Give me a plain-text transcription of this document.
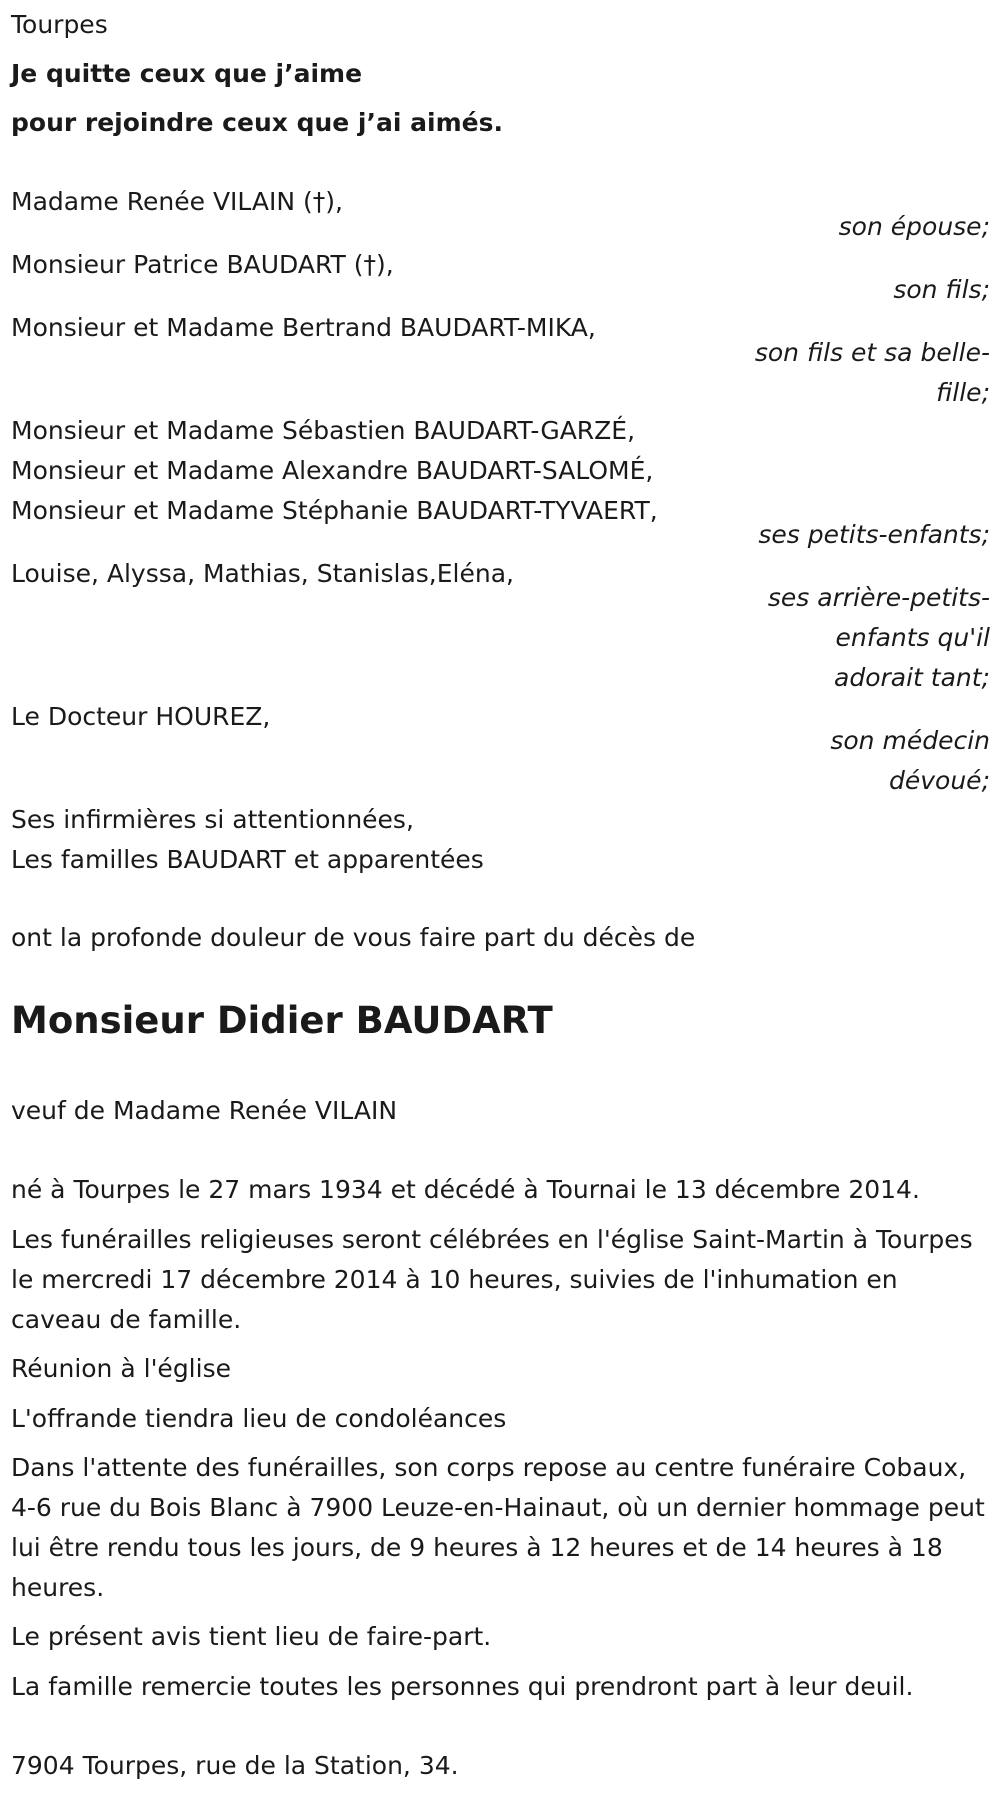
Tourpes
Je quitte ceux que j’aime
pour rejoindre ceux que j’ai aimés.
Madame Renée VILAIN (†),
son épouse;
Monsieur Patrice BAUDART (†),
son fils;
Monsieur et Madame Bertrand BAUDART-MIKA,
son fils et sa belle-fille;
Monsieur et Madame Sébastien BAUDART-GARZÉ,
Monsieur et Madame Alexandre BAUDART-SALOMÉ,
Monsieur et Madame Stéphanie BAUDART-TYVAERT,
ses petits-enfants;
Louise, Alyssa, Mathias, Stanislas,Eléna,
ses arrière-petits-enfants qu'il adorait tant;
Le Docteur HOUREZ,
son médecin dévoué;
Ses infirmières si attentionnées,
Les familles BAUDART et apparentées
ont la profonde douleur de vous faire part du décès de
Monsieur Didier BAUDART
veuf de Madame Renée VILAIN
né à Tourpes le 27 mars 1934 et décédé à Tournai le 13 décembre 2014.
Les funérailles religieuses seront célébrées en l'église Saint-Martin à Tourpes le mercredi 17 décembre 2014 à 10 heures, suivies de l'inhumation en caveau de famille.
Réunion à l'église
L'offrande tiendra lieu de condoléances
Dans l'attente des funérailles, son corps repose au centre funéraire Cobaux, 4-6 rue du Bois Blanc à 7900 Leuze-en-Hainaut, où un dernier hommage peut lui être rendu tous les jours, de 9 heures à 12 heures et de 14 heures à 18 heures.
Le présent avis tient lieu de faire-part.
La famille remercie toutes les personnes qui prendront part à leur deuil.
7904 Tourpes, rue de la Station, 34.
